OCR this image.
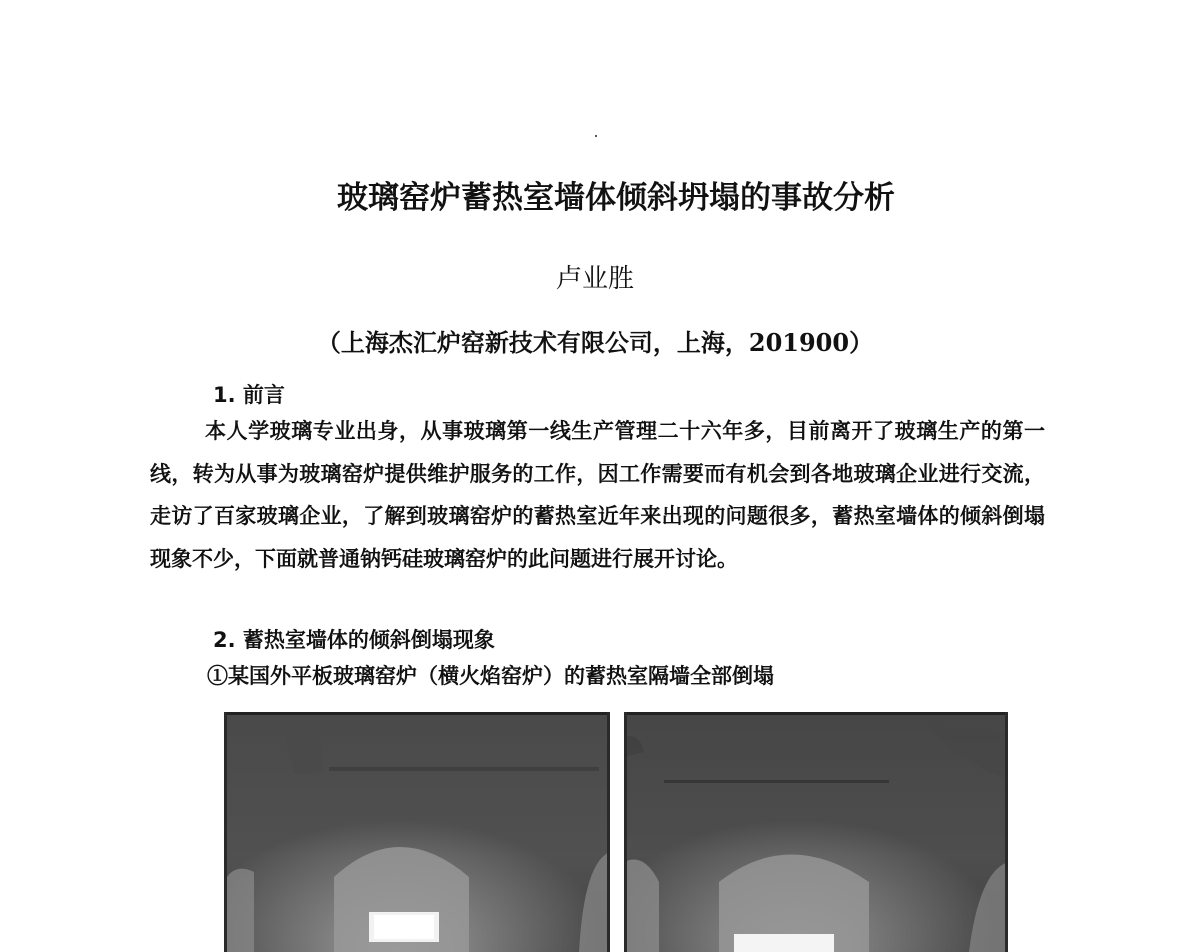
玻璃窑炉蓄热室墙体倾斜坍塌的事故分析

卢业胜

（上海杰汇炉窑新技术有限公司，上海，201900）

1. 前言

本人学玻璃专业出身，从事玻璃第一线生产管理二十六年多，目前离开了玻璃生产的第一线，转为从事为玻璃窑炉提供维护服务的工作，因工作需要而有机会到各地玻璃企业进行交流，走访了百家玻璃企业，了解到玻璃窑炉的蓄热室近年来出现的问题很多，蓄热室墙体的倾斜倒塌现象不少，下面就普通钠钙硅玻璃窑炉的此问题进行展开讨论。

2. 蓄热室墙体的倾斜倒塌现象

①某国外平板玻璃窑炉（横火焰窑炉）的蓄热室隔墙全部倒塌
